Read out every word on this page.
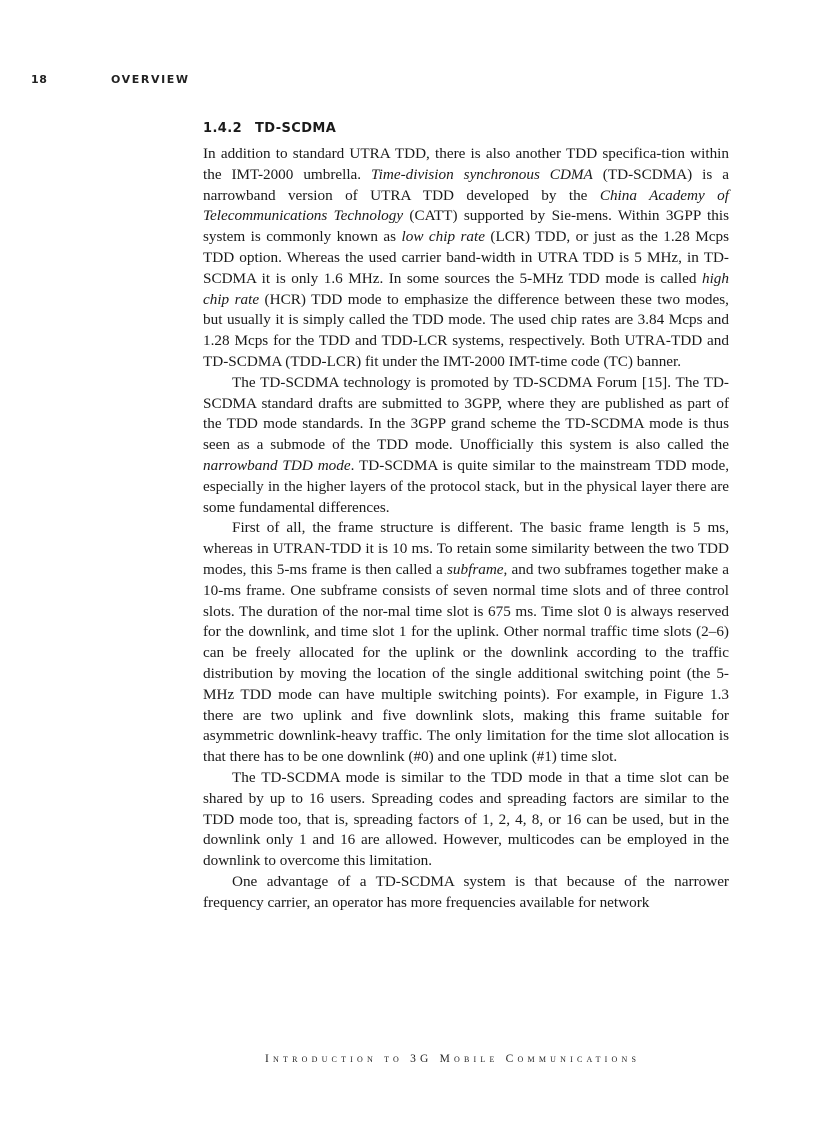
18	OVERVIEW
1.4.2 TD-SCDMA

In addition to standard UTRA TDD, there is also another TDD specifica-tion within the IMT-2000 umbrella. Time-division synchronous CDMA (TD-SCDMA) is a narrowband version of UTRA TDD developed by the China Academy of Telecommunications Technology (CATT) supported by Sie-mens. Within 3GPP this system is commonly known as low chip rate (LCR) TDD, or just as the 1.28 Mcps TDD option. Whereas the used carrier band-width in UTRA TDD is 5 MHz, in TD-SCDMA it is only 1.6 MHz. In some sources the 5-MHz TDD mode is called high chip rate (HCR) TDD mode to emphasize the difference between these two modes, but usually it is simply called the TDD mode. The used chip rates are 3.84 Mcps and 1.28 Mcps for the TDD and TDD-LCR systems, respectively. Both UTRA-TDD and TD-SCDMA (TDD-LCR) fit under the IMT-2000 IMT-time code (TC) banner.

The TD-SCDMA technology is promoted by TD-SCDMA Forum [15]. The TD-SCDMA standard drafts are submitted to 3GPP, where they are published as part of the TDD mode standards. In the 3GPP grand scheme the TD-SCDMA mode is thus seen as a submode of the TDD mode. Unofficially this system is also called the narrowband TDD mode. TD-SCDMA is quite similar to the mainstream TDD mode, especially in the higher layers of the protocol stack, but in the physical layer there are some fundamental differences.

First of all, the frame structure is different. The basic frame length is 5 ms, whereas in UTRAN-TDD it is 10 ms. To retain some similarity between the two TDD modes, this 5-ms frame is then called a subframe, and two subframes together make a 10-ms frame. One subframe consists of seven normal time slots and of three control slots. The duration of the nor-mal time slot is 675 ms. Time slot 0 is always reserved for the downlink, and time slot 1 for the uplink. Other normal traffic time slots (2–6) can be freely allocated for the uplink or the downlink according to the traffic distribution by moving the location of the single additional switching point (the 5-MHz TDD mode can have multiple switching points). For example, in Figure 1.3 there are two uplink and five downlink slots, making this frame suitable for asymmetric downlink-heavy traffic. The only limitation for the time slot allocation is that there has to be one downlink (#0) and one uplink (#1) time slot.

The TD-SCDMA mode is similar to the TDD mode in that a time slot can be shared by up to 16 users. Spreading codes and spreading factors are similar to the TDD mode too, that is, spreading factors of 1, 2, 4, 8, or 16 can be used, but in the downlink only 1 and 16 are allowed. However, multicodes can be employed in the downlink to overcome this limitation.

One advantage of a TD-SCDMA system is that because of the narrower frequency carrier, an operator has more frequencies available for network

Introduction to 3G Mobile Communications
